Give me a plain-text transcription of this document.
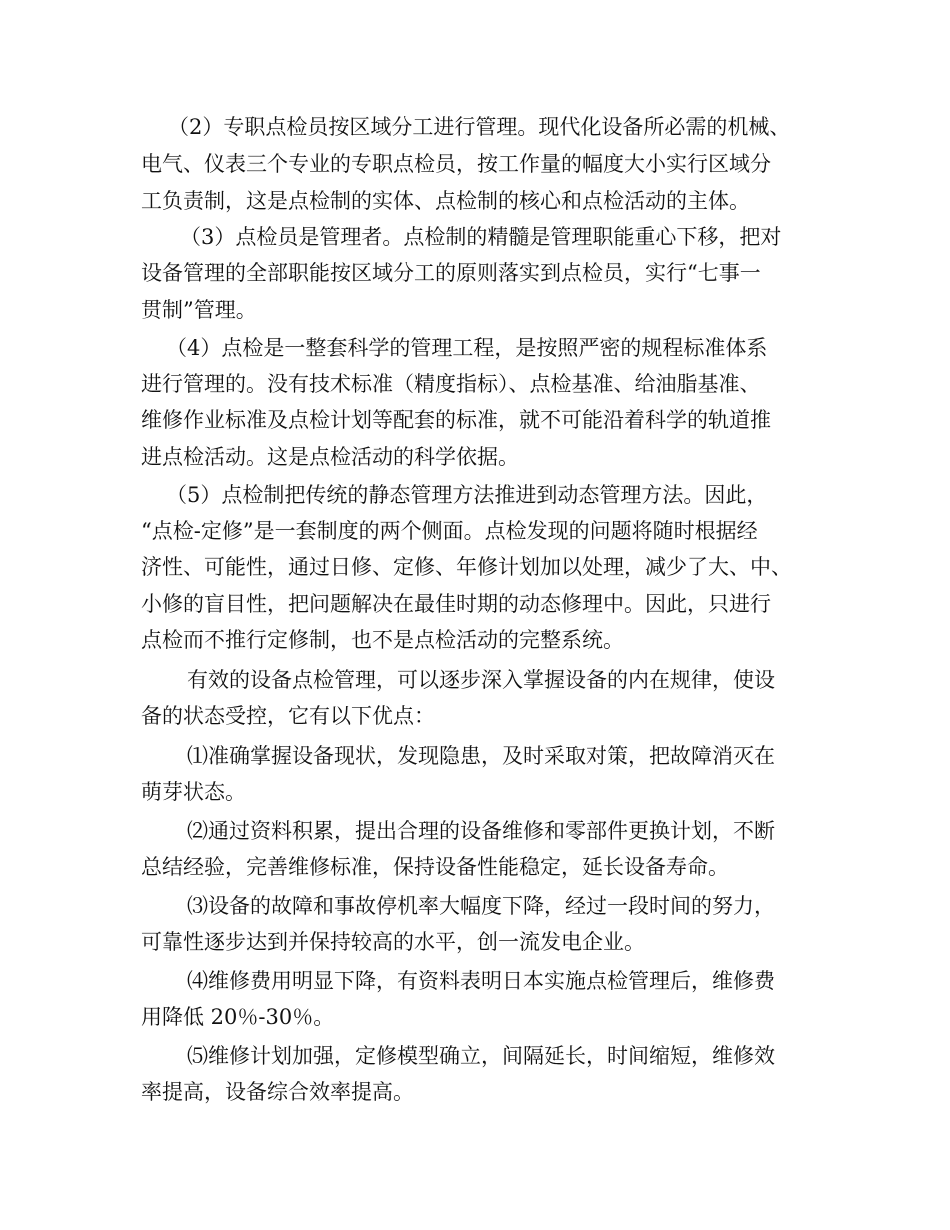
（2）专职点检员按区域分工进行管理。现代化设备所必需的机械、
电气、仪表三个专业的专职点检员，按工作量的幅度大小实行区域分
工负责制，这是点检制的实体、点检制的核心和点检活动的主体。
（3）点检员是管理者。点检制的精髓是管理职能重心下移，把对
设备管理的全部职能按区域分工的原则落实到点检员，实行“七事一
贯制”管理。
（4）点检是一整套科学的管理工程，是按照严密的规程标准体系
进行管理的。没有技术标准（精度指标）、点检基准、给油脂基准、
维修作业标准及点检计划等配套的标准，就不可能沿着科学的轨道推
进点检活动。这是点检活动的科学依据。
（5）点检制把传统的静态管理方法推进到动态管理方法。因此，
“点检-定修”是一套制度的两个侧面。点检发现的问题将随时根据经
济性、可能性，通过日修、定修、年修计划加以处理，减少了大、中、
小修的盲目性，把问题解决在最佳时期的动态修理中。因此，只进行
点检而不推行定修制，也不是点检活动的完整系统。
有效的设备点检管理，可以逐步深入掌握设备的内在规律，使设
备的状态受控，它有以下优点：
⑴准确掌握设备现状，发现隐患，及时采取对策，把故障消灭在
萌芽状态。
⑵通过资料积累，提出合理的设备维修和零部件更换计划，不断
总结经验，完善维修标准，保持设备性能稳定，延长设备寿命。
⑶设备的故障和事故停机率大幅度下降，经过一段时间的努力，
可靠性逐步达到并保持较高的水平，创一流发电企业。
⑷维修费用明显下降，有资料表明日本实施点检管理后，维修费
用降低 20％-30％。
⑸维修计划加强，定修模型确立，间隔延长，时间缩短，维修效
率提高，设备综合效率提高。
